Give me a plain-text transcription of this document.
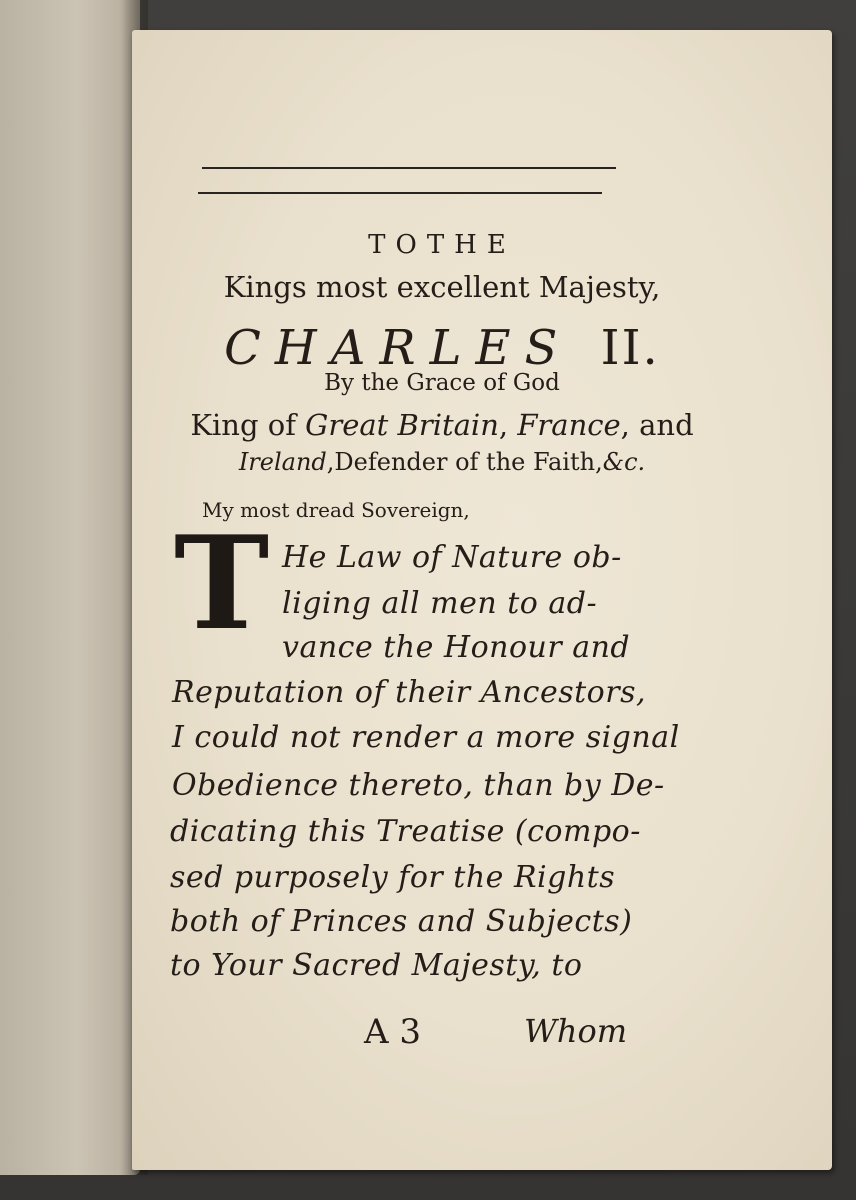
TOTHE
Kings most excellent Majesty,
CHARLES II.
By the Grace of God
King of Great Britain, France, and
Ireland,Defender of the Faith,&c.
My most dread Sovereign,
T He Law of Nature ob-
liging all men to ad-
vance the Honour and
Reputation of their Ancestors,
I could not render a more signal
Obedience thereto, than by De-
dicating this Treatise (compo-
sed purposely for the Rights
both of Princes and Subjects)
to Your Sacred Majesty, to
A 3	Whom
